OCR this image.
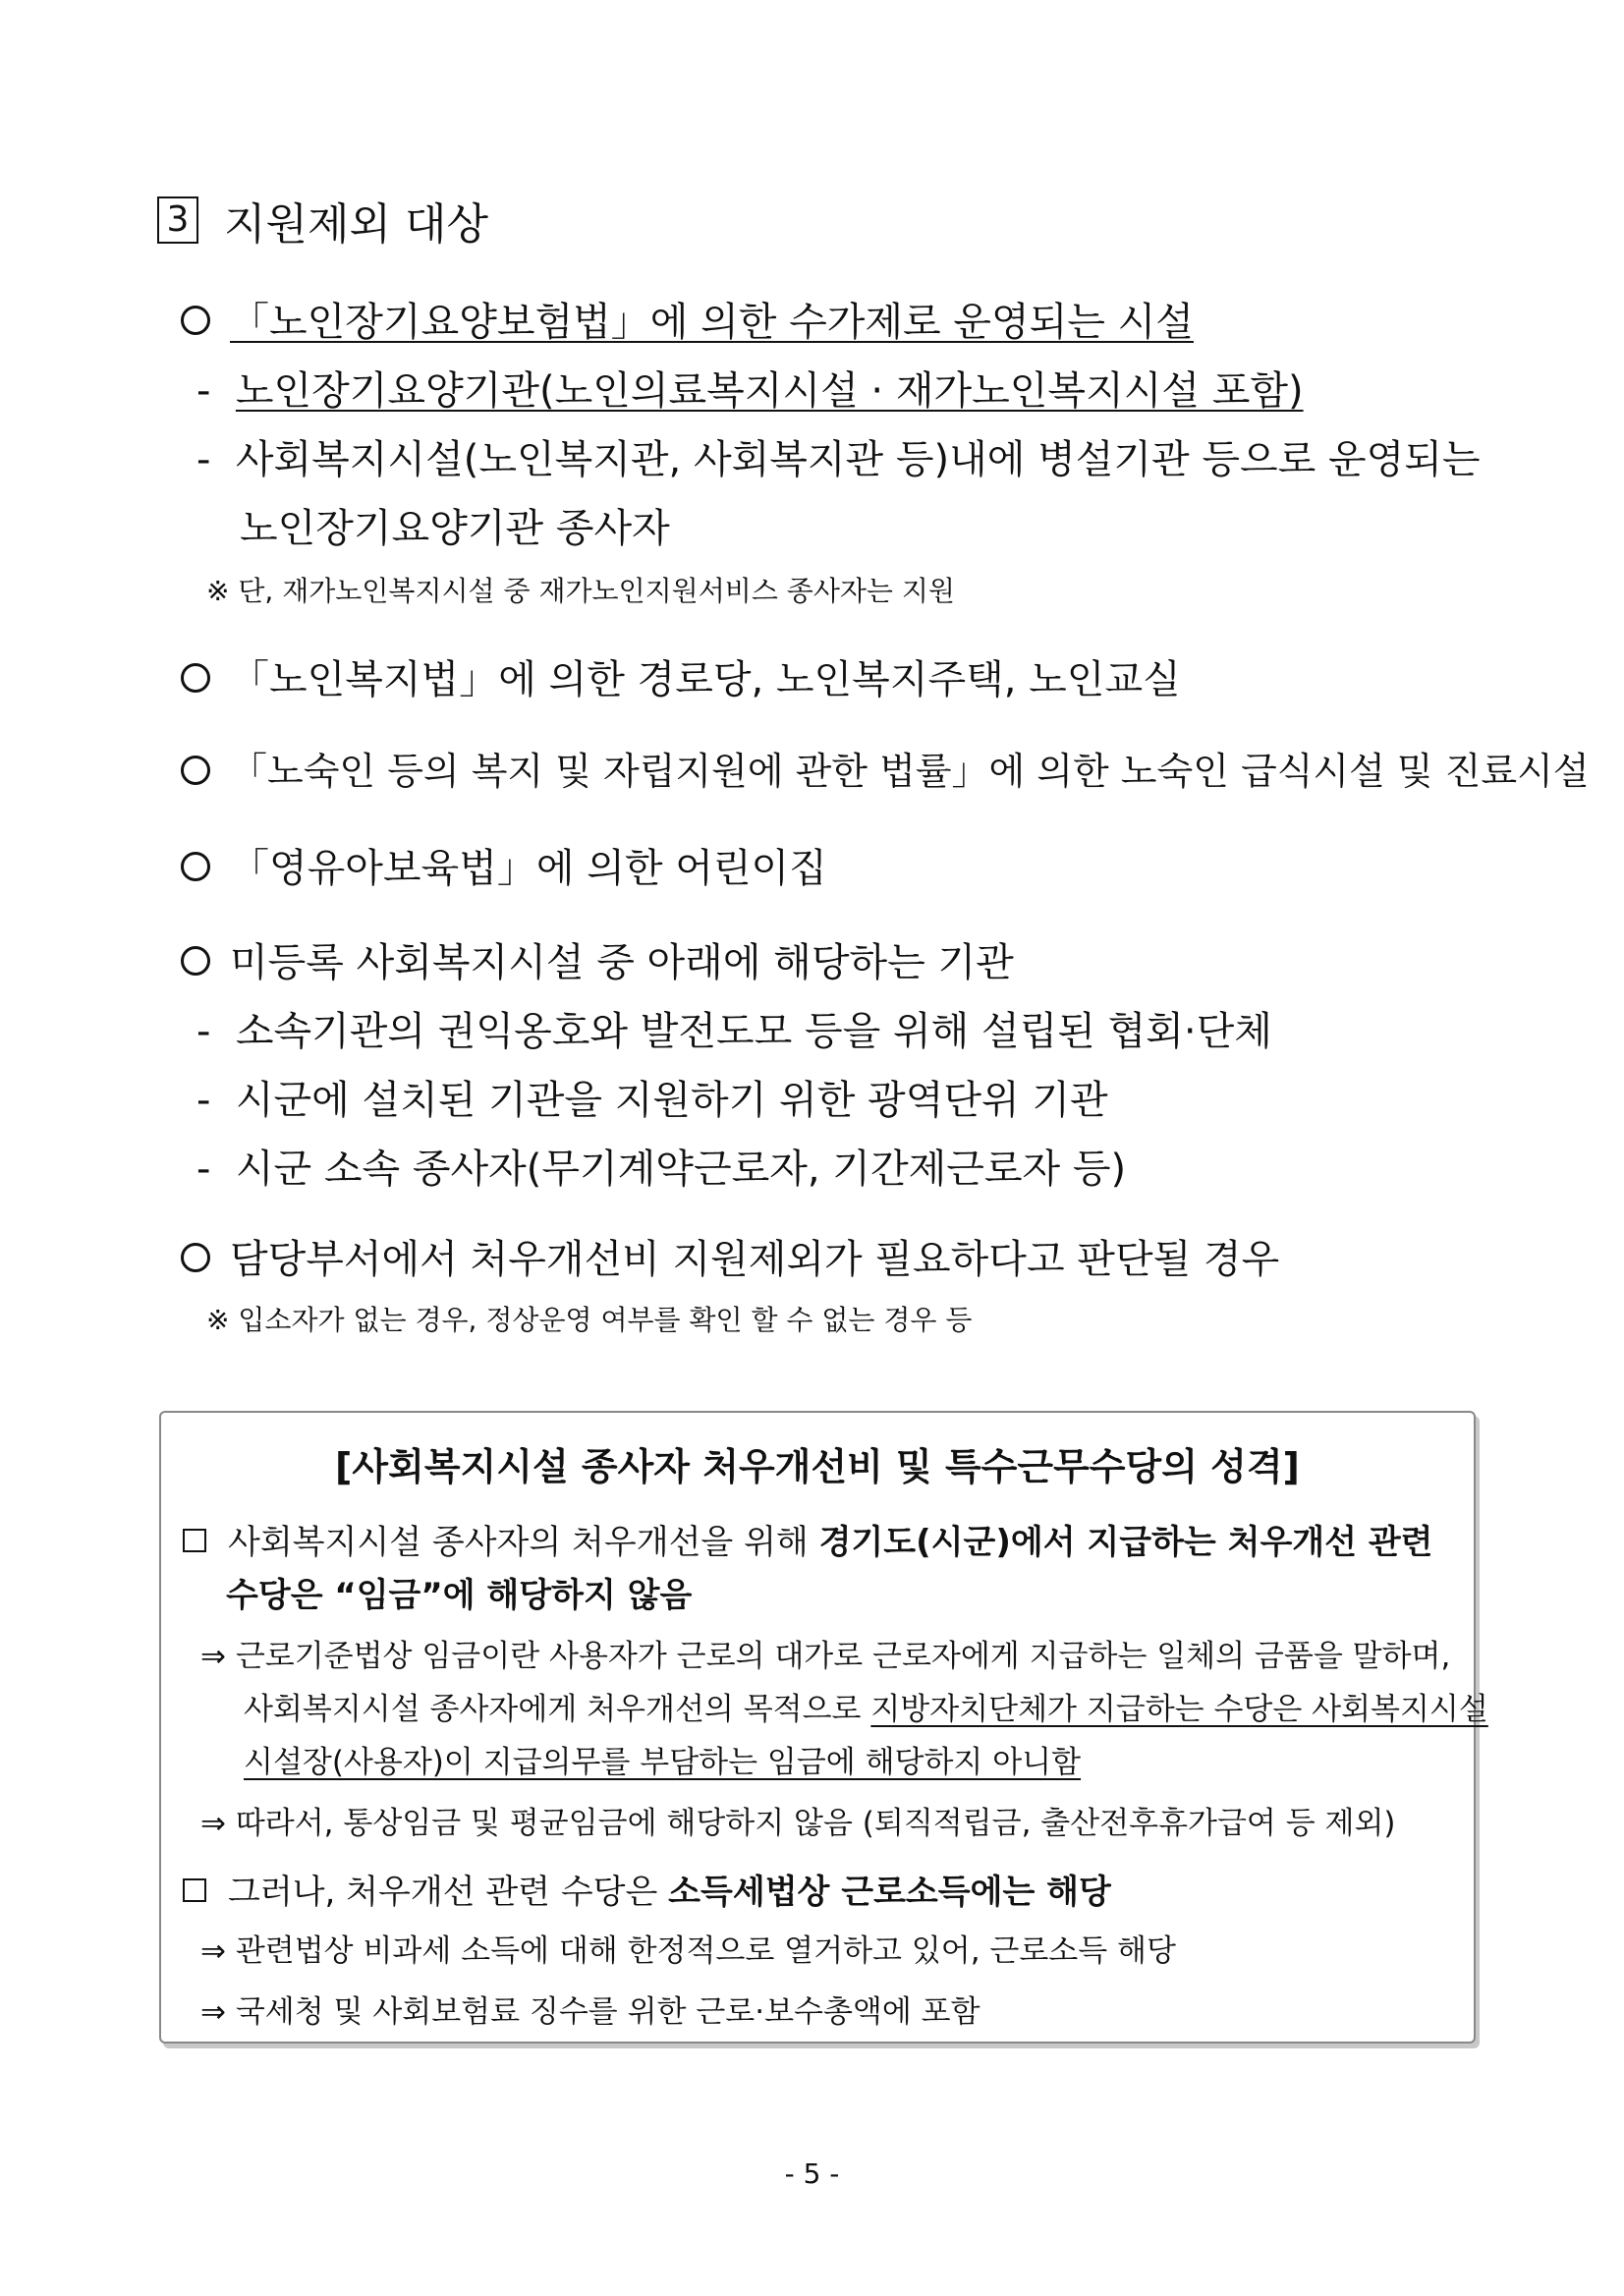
3 지원제외 대상
「노인장기요양보험법」에 의한 수가제로 운영되는 시설
- 노인장기요양기관(노인의료복지시설 · 재가노인복지시설 포함)
- 사회복지시설(노인복지관, 사회복지관 등)내에 병설기관 등으로 운영되는
노인장기요양기관 종사자
※ 단, 재가노인복지시설 중 재가노인지원서비스 종사자는 지원
「노인복지법」에 의한 경로당, 노인복지주택, 노인교실
「노숙인 등의 복지 및 자립지원에 관한 법률」에 의한 노숙인 급식시설 및 진료시설
「영유아보육법」에 의한 어린이집
미등록 사회복지시설 중 아래에 해당하는 기관
- 소속기관의 권익옹호와 발전도모 등을 위해 설립된 협회·단체
- 시군에 설치된 기관을 지원하기 위한 광역단위 기관
- 시군 소속 종사자(무기계약근로자, 기간제근로자 등)
담당부서에서 처우개선비 지원제외가 필요하다고 판단될 경우
※ 입소자가 없는 경우, 정상운영 여부를 확인 할 수 없는 경우 등
[사회복지시설 종사자 처우개선비 및 특수근무수당의 성격]
사회복지시설 종사자의 처우개선을 위해 경기도(시군)에서 지급하는 처우개선 관련
수당은 “임금”에 해당하지 않음
⇒ 근로기준법상 임금이란 사용자가 근로의 대가로 근로자에게 지급하는 일체의 금품을 말하며,
사회복지시설 종사자에게 처우개선의 목적으로 지방자치단체가 지급하는 수당은 사회복지시설
시설장(사용자)이 지급의무를 부담하는 임금에 해당하지 아니함
⇒ 따라서, 통상임금 및 평균임금에 해당하지 않음 (퇴직적립금, 출산전후휴가급여 등 제외)
그러나, 처우개선 관련 수당은 소득세법상 근로소득에는 해당
⇒ 관련법상 비과세 소득에 대해 한정적으로 열거하고 있어, 근로소득 해당
⇒ 국세청 및 사회보험료 징수를 위한 근로·보수총액에 포함
- 5 -
